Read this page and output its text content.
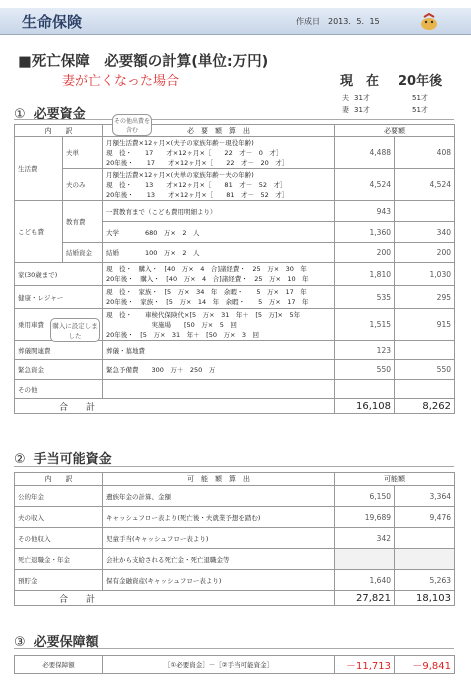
生命保険	作成日　2013．5．15
■死亡保障　必要額の計算(単位:万円)
妻が亡くなった場合	現　在 20年後
夫 31才	51才
妻 31才	51才
① 必要資金
内　　訳		必　要　額　算　出	必要額	
生活費	夫単	月額生活費×12ヶ月×(夫子の家族年齢－現役年齢)
現　役・　　17　　才×12ヶ月×［　　22　才－　0　才］
20年後・　　17　　才×12ヶ月×［　　22　才－　20　才］	4,488	408
	夫のみ	月額生活費×12ヶ月×(夫単の家族年齢－夫の年齢)
現　役・　　13　　才×12ヶ月×［　　81　才－　52　才］
20年後・　　13　　才×12ヶ月×［　　81　才－　52　才］	4,524	4,524
こども費	教育費	一貫教育まで（こども費用明細より）	943	
		大学　　　　680　万×　2　人	1,360	340
	結婚資金	結婚　　　　100　万×　2　人	200	200
家(30歳まで)		現　役・　購入・　[40　万×　4　合]諸経費・　25　万×　30　年
20年後・　購入・　[40　万×　4　合]諸経費・　25　万×　10　年	1,810	1,030
健康・レジャー		現　役・　家族・　[5　万×　34　年　余暇・　　5　万×　17　年
20年後・　家族・　[5　万×　14　年　余暇・　　5　万×　17　年	535	295
乗用車費		現　役・　　車検代保険代×[5　万×　31　年＋　[5　万]×　5年
　　　　　　　実施場　　[50　万×　5　回
20年後・　[5　万×　31　年＋　[50　万×　3　回	1,515	915
葬儀関連費		葬儀・墓地費	123	
緊急資金		緊急予備費　　300　万＋　250　万	550	550
その他				
合　　計			16,108	8,262
その他出費を含む
購入に設定しました
② 手当可能資金
内　　訳	可　能　額　算　出	可能額	
公的年金	遺族年金の計算、金額	6,150	3,364
夫の収入	キャッシュフロー表より(死亡後・夫就業予想を踏む)	19,689	9,476
その他収入	児童手当(キャッシュフロー表より)	342	
死亡退職金・年金	会社から支給される死亡金・死亡退職金等		
預貯金	保有金融資産(キャッシュフロー表より)	1,640	5,263
合　　計		27,821	18,103
③ 必要保障額
必要保障額	［①必要資金］－［②手当可能資金］	－11,713	－9,841
